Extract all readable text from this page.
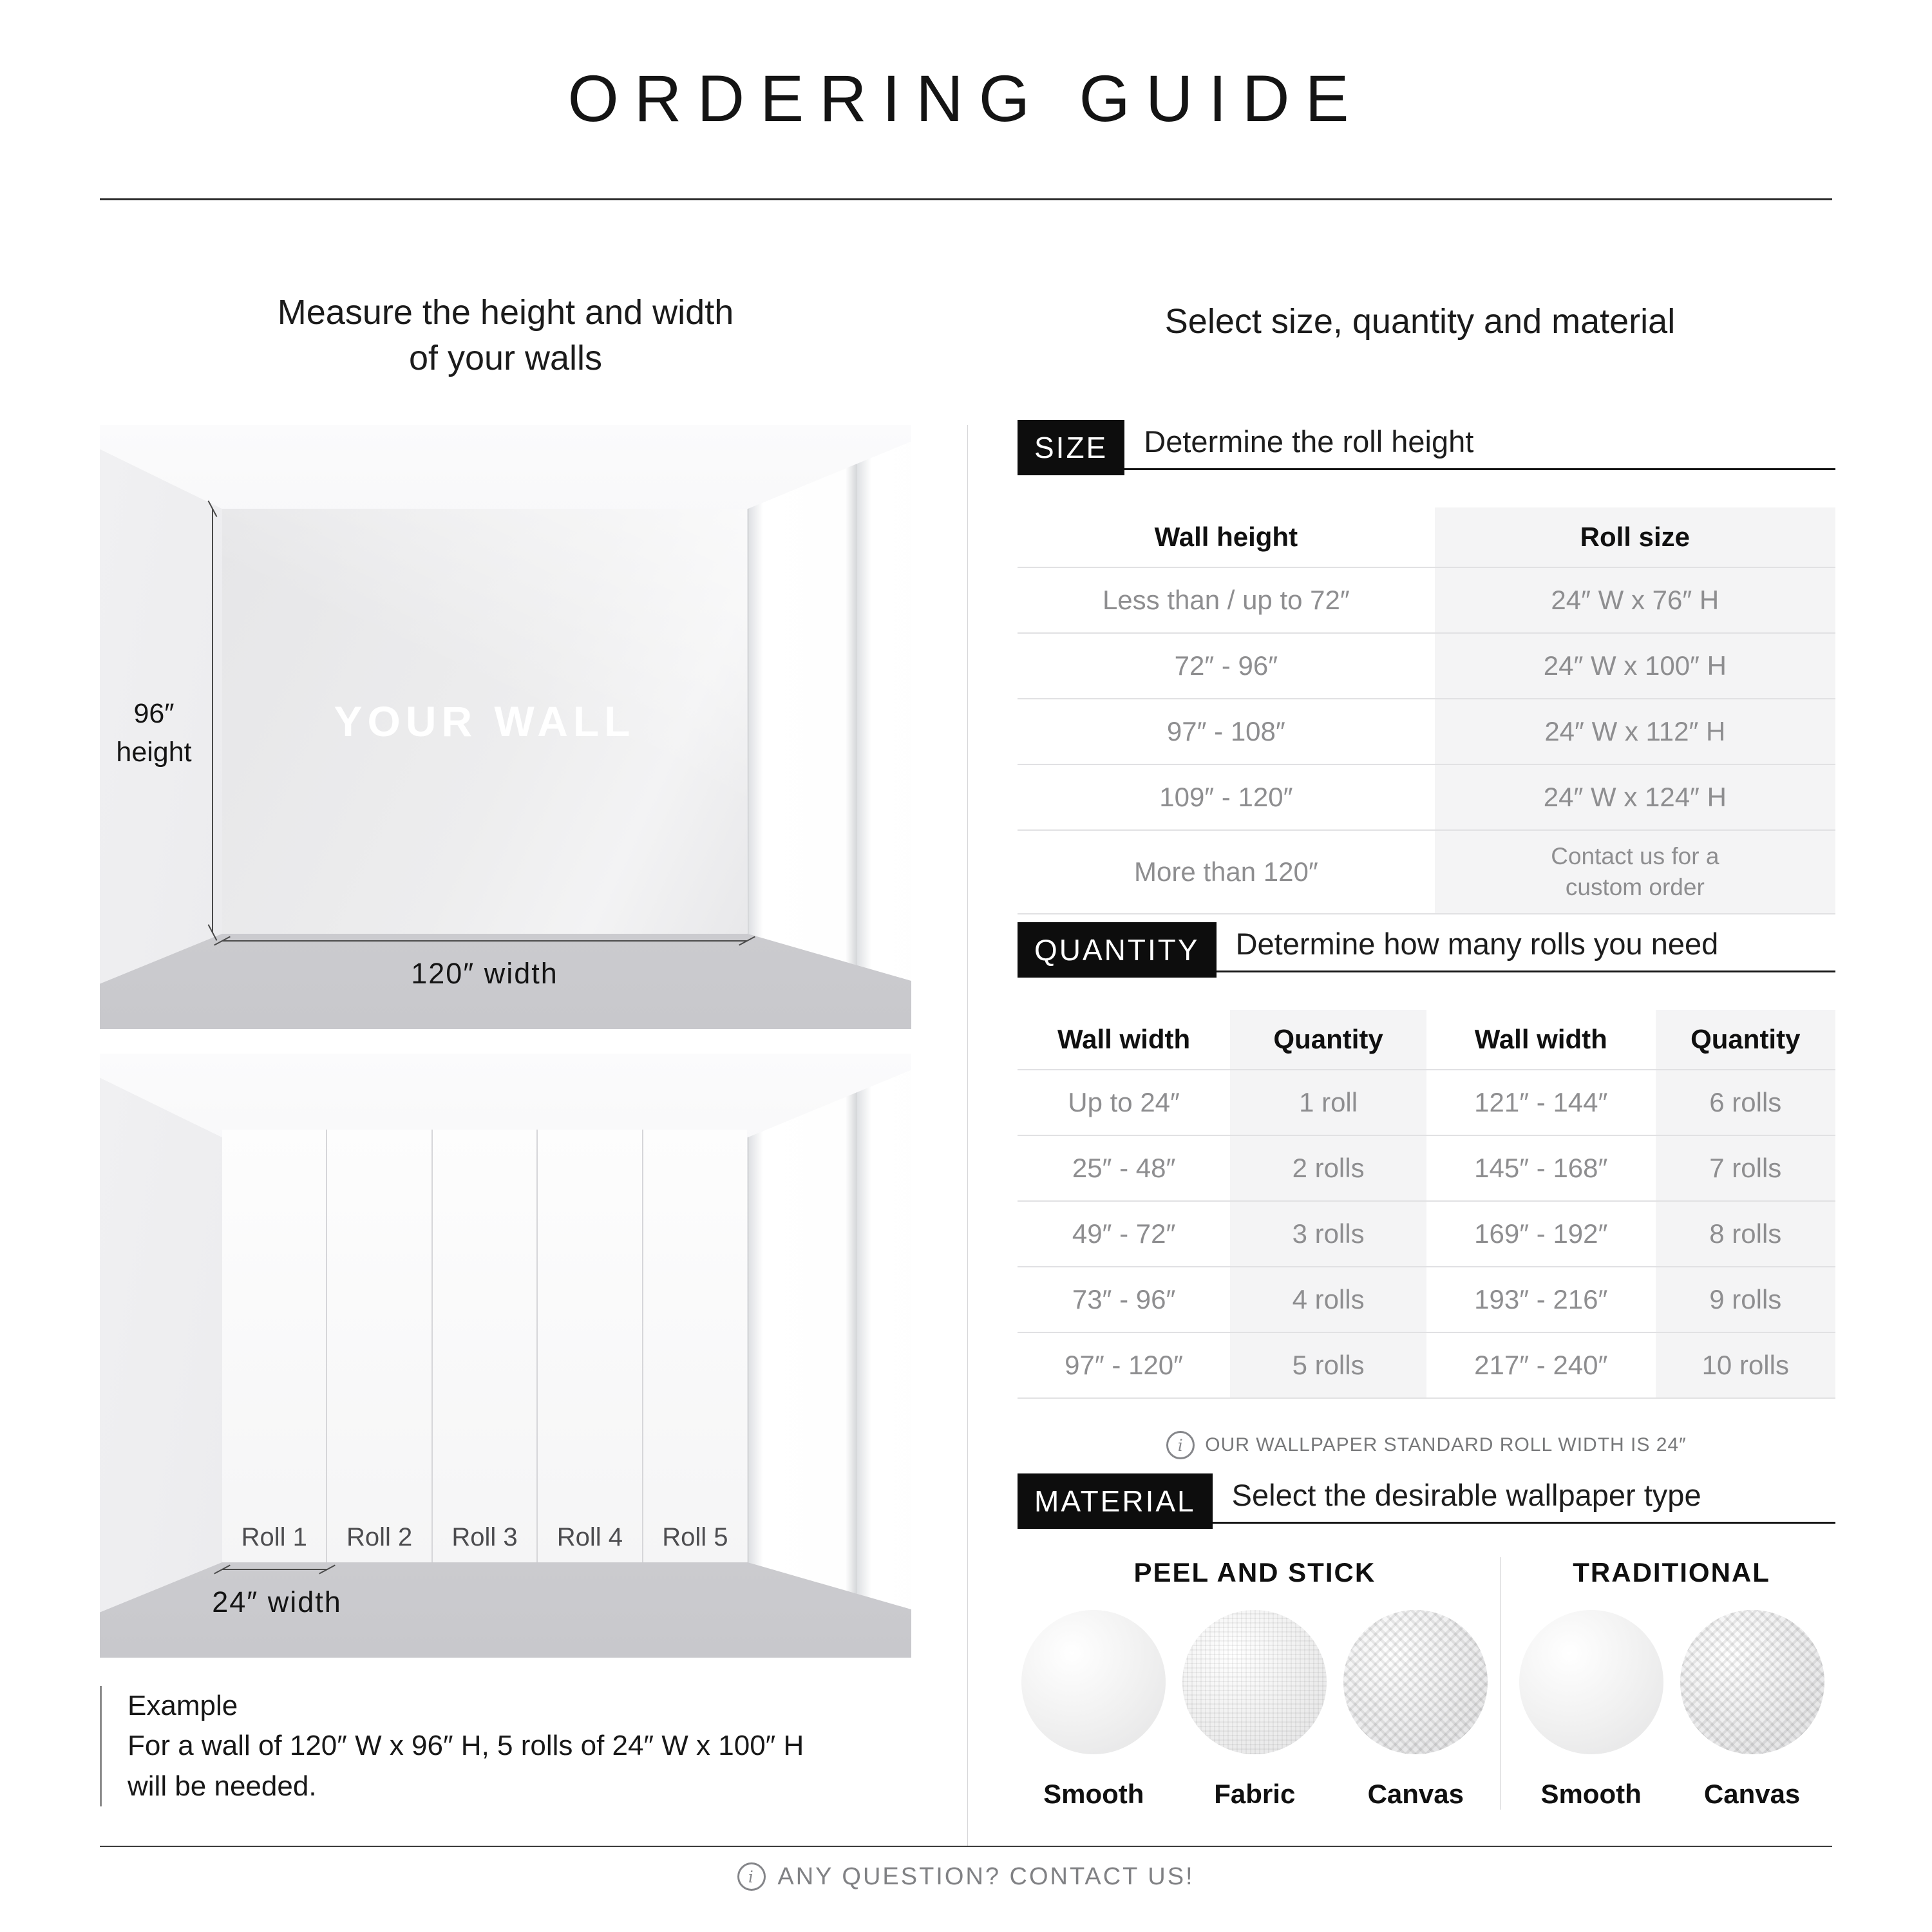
ORDERING GUIDE
Measure the height and width
of your walls
YOUR WALL
96″
height
120″ width
Roll 1	Roll 2	Roll 3	Roll 4	Roll 5
24″ width
Example
For a wall of 120″ W x 96″ H, 5 rolls of 24″ W x 100″ H
will be needed.
Select size, quantity and material
SIZE	Determine the roll height
Wall height	Roll size
Less than / up to 72″	24″ W x 76″ H
72″ - 96″	24″ W x 100″ H
97″ - 108″	24″ W x 112″ H
109″ - 120″	24″ W x 124″ H
More than 120″	Contact us for a custom order
QUANTITY	Determine how many rolls you need
Wall width	Quantity	Wall width	Quantity
Up to 24″	1 roll	121″ - 144″	6 rolls
25″ - 48″	2 rolls	145″ - 168″	7 rolls
49″ - 72″	3 rolls	169″ - 192″	8 rolls
73″ - 96″	4 rolls	193″ - 216″	9 rolls
97″ - 120″	5 rolls	217″ - 240″	10 rolls
i	OUR WALLPAPER STANDARD ROLL WIDTH IS 24″
MATERIAL	Select the desirable wallpaper type
PEEL AND STICK
Smooth	Fabric	Canvas
TRADITIONAL
Smooth Canvas
i ANY QUESTION? CONTACT US!
